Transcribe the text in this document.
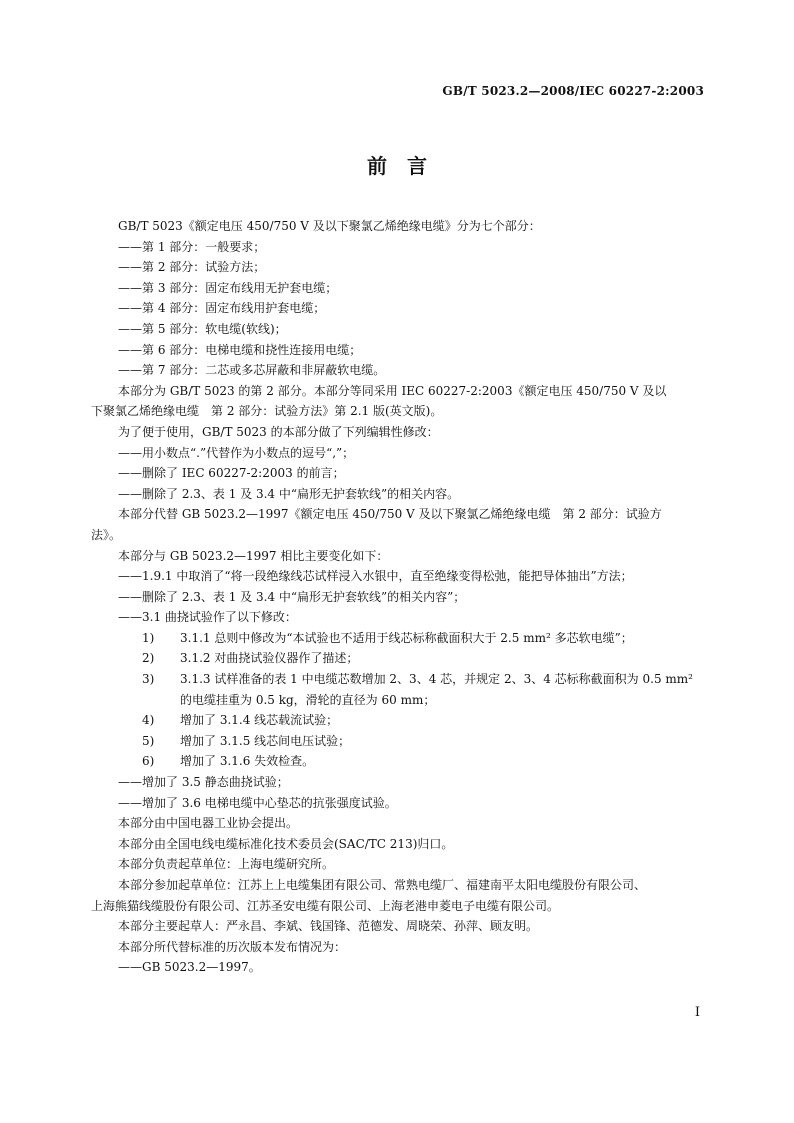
GB/T 5023.2—2008/IEC 60227-2:2003
前　言
GB/T 5023《额定电压 450/750 V 及以下聚氯乙烯绝缘电缆》分为七个部分：
——第 1 部分：一般要求；
——第 2 部分：试验方法；
——第 3 部分：固定布线用无护套电缆；
——第 4 部分：固定布线用护套电缆；
——第 5 部分：软电缆(软线)；
——第 6 部分：电梯电缆和挠性连接用电缆；
——第 7 部分：二芯或多芯屏蔽和非屏蔽软电缆。
本部分为 GB/T 5023 的第 2 部分。本部分等同采用 IEC 60227-2:2003《额定电压 450/750 V 及以
下聚氯乙烯绝缘电缆　第 2 部分：试验方法》第 2.1 版(英文版)。
为了便于使用，GB/T 5023 的本部分做了下列编辑性修改：
——用小数点“.”代替作为小数点的逗号“,”；
——删除了 IEC 60227-2:2003 的前言；
——删除了 2.3、表 1 及 3.4 中“扁形无护套软线”的相关内容。
本部分代替 GB 5023.2—1997《额定电压 450/750 V 及以下聚氯乙烯绝缘电缆　第 2 部分：试验方
法》。
本部分与 GB 5023.2—1997 相比主要变化如下：
——1.9.1 中取消了“将一段绝缘线芯试样浸入水银中，直至绝缘变得松弛，能把导体抽出”方法；
——删除了 2.3、表 1 及 3.4 中“扁形无护套软线”的相关内容”；
——3.1 曲挠试验作了以下修改：
1) 3.1.1 总则中修改为“本试验也不适用于线芯标称截面积大于 2.5 mm² 多芯软电缆”；
2) 3.1.2 对曲挠试验仪器作了描述；
3) 3.1.3 试样准备的表 1 中电缆芯数增加 2、3、4 芯，并规定 2、3、4 芯标称截面积为 0.5 mm²
的电缆挂重为 0.5 kg，滑轮的直径为 60 mm；
4) 增加了 3.1.4 线芯载流试验；
5) 增加了 3.1.5 线芯间电压试验；
6) 增加了 3.1.6 失效检查。
——增加了 3.5 静态曲挠试验；
——增加了 3.6 电梯电缆中心垫芯的抗张强度试验。
本部分由中国电器工业协会提出。
本部分由全国电线电缆标准化技术委员会(SAC/TC 213)归口。
本部分负责起草单位：上海电缆研究所。
本部分参加起草单位：江苏上上电缆集团有限公司、常熟电缆厂、福建南平太阳电缆股份有限公司、
上海熊猫线缆股份有限公司、江苏圣安电缆有限公司、上海老港申菱电子电缆有限公司。
本部分主要起草人：严永昌、李斌、钱国锋、范德发、周晓荣、孙萍、顾友明。
本部分所代替标准的历次版本发布情况为：
——GB 5023.2—1997。
I
